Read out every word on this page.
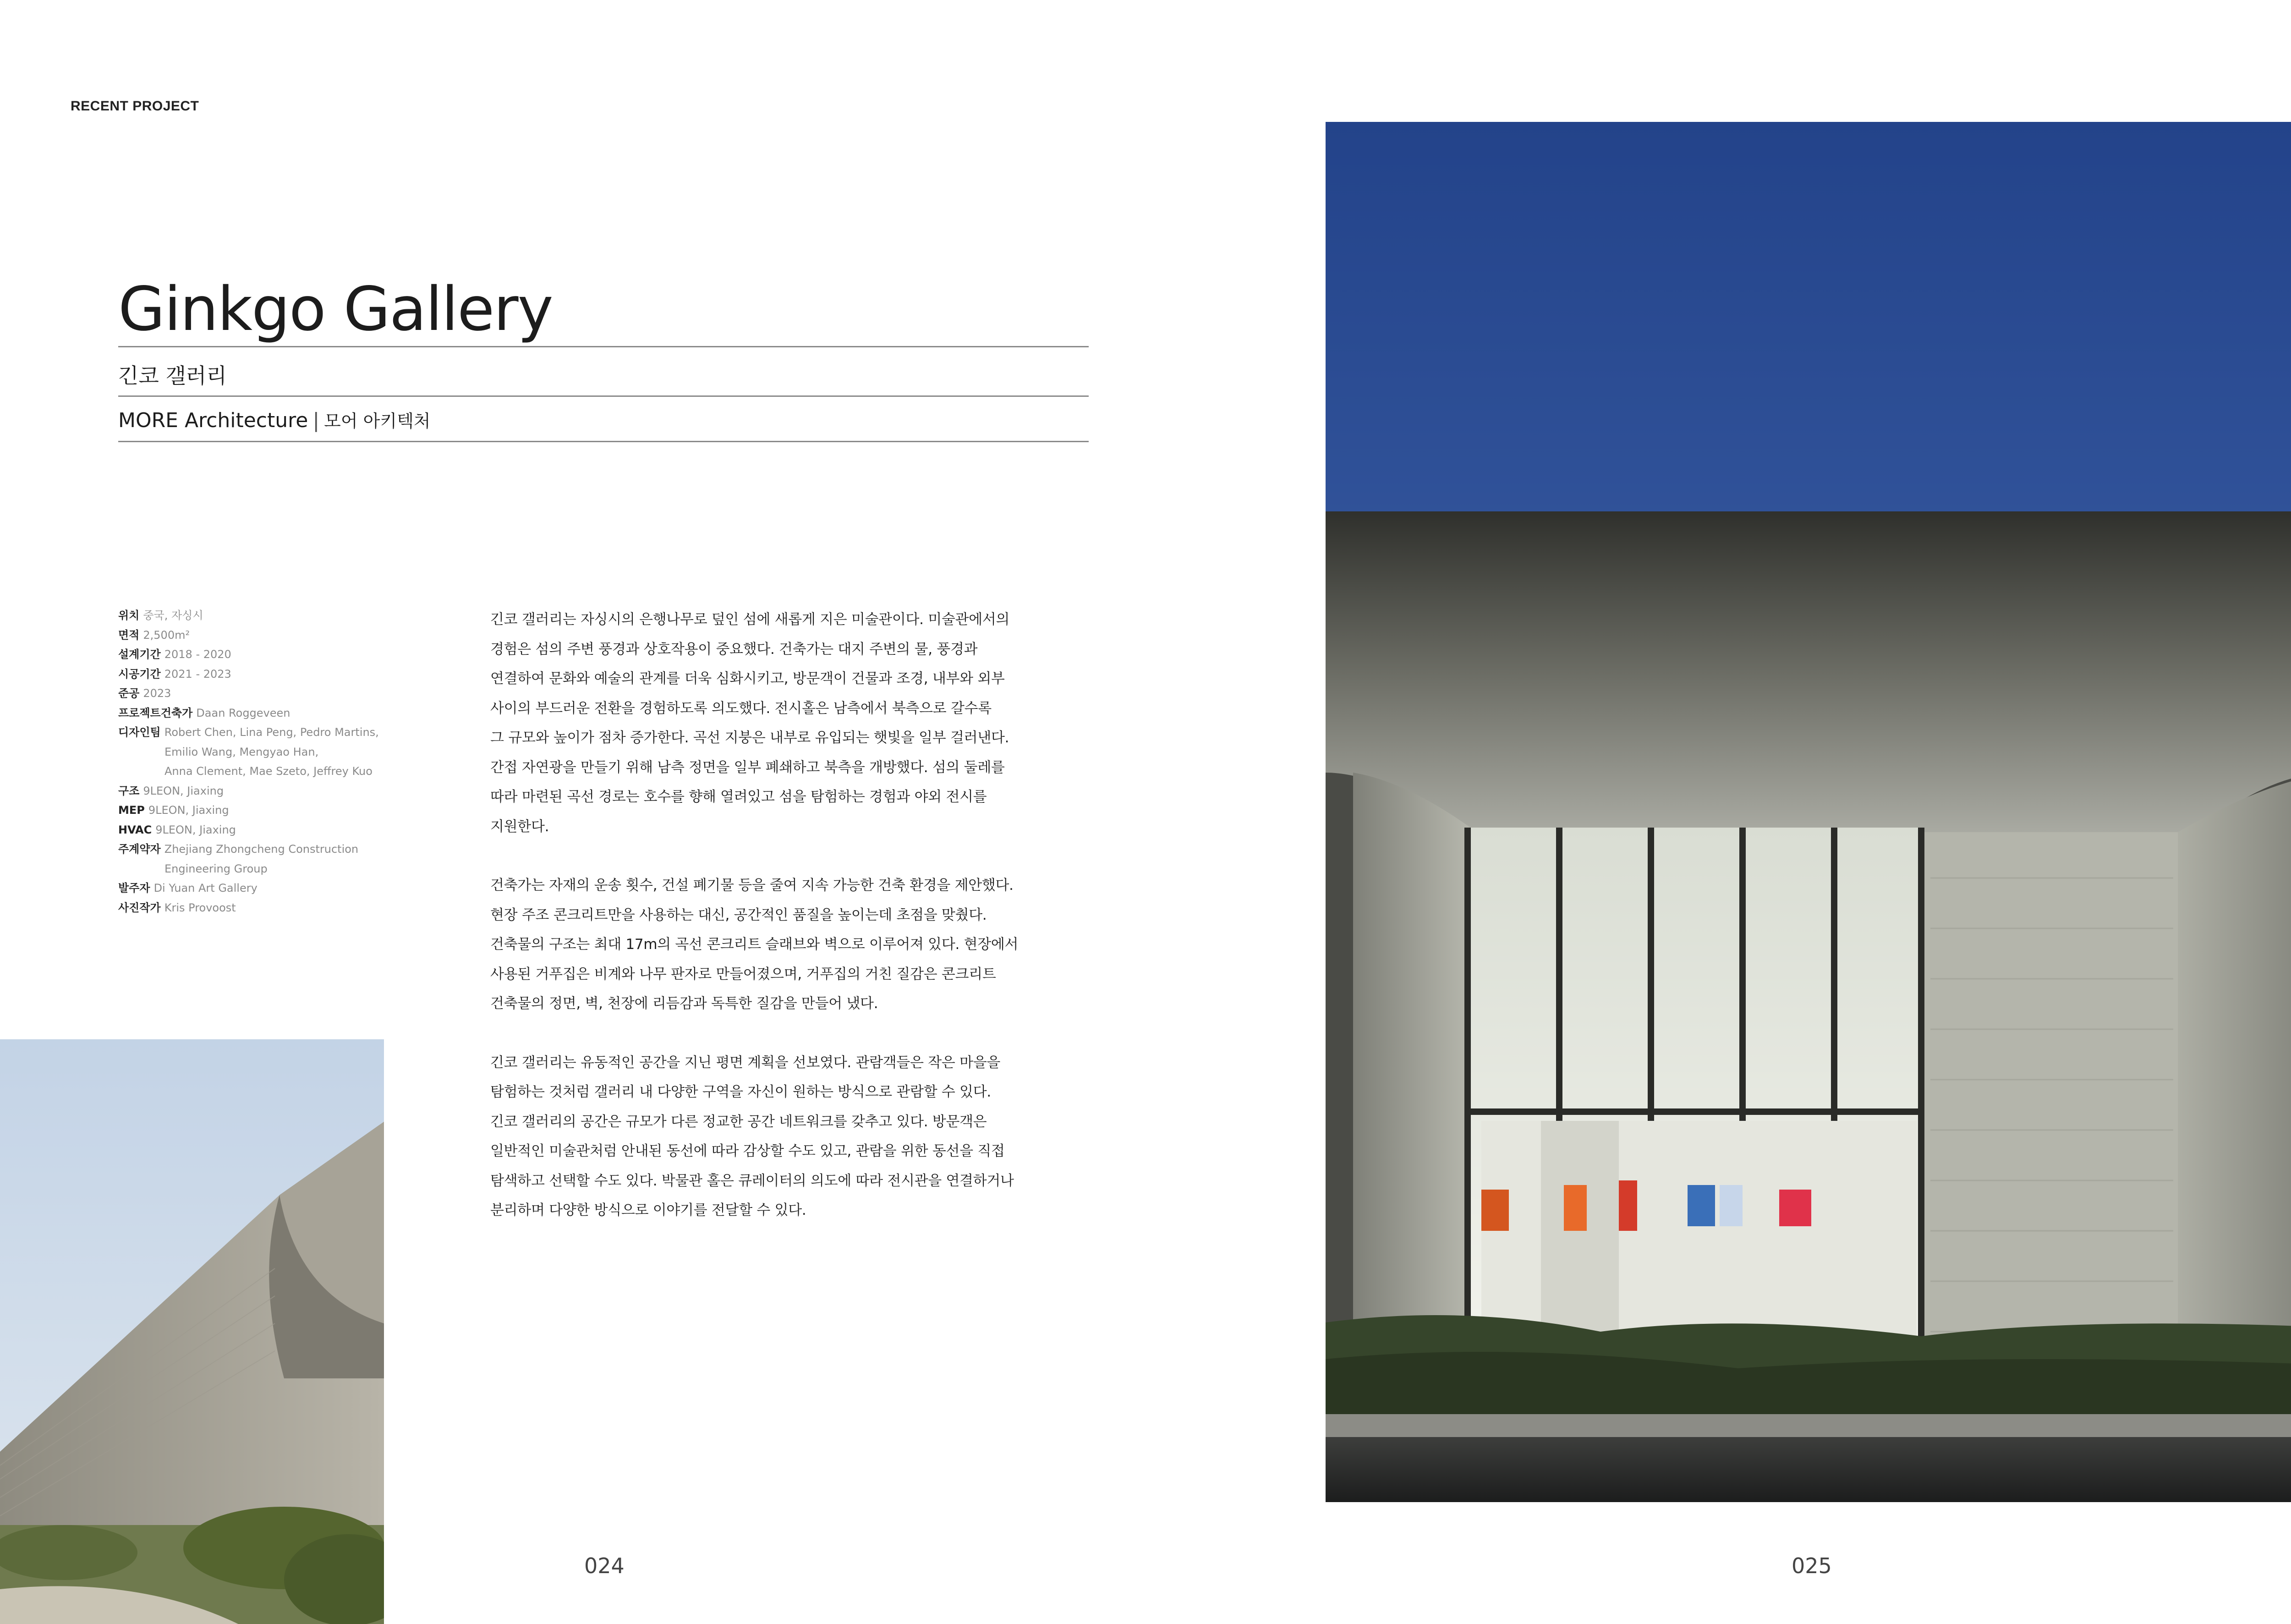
RECENT PROJECT
Ginkgo Gallery
긴코 갤러리
MORE Architecture | 모어 아키텍처
위치 중국, 자싱시
면적 2,500m²
설계기간 2018 - 2020
시공기간 2021 - 2023
준공 2023
프로젝트건축가 Daan Roggeveen
디자인팀 Robert Chen, Lina Peng, Pedro Martins,
Emilio Wang, Mengyao Han,
Anna Clement, Mae Szeto, Jeffrey Kuo
구조 9LEON, Jiaxing
MEP 9LEON, Jiaxing
HVAC 9LEON, Jiaxing
주계약자 Zhejiang Zhongcheng Construction
Engineering Group
발주자 Di Yuan Art Gallery
사진작가 Kris Provoost

긴코 갤러리는 자싱시의 은행나무로 덮인 섬에 새롭게 지은 미술관이다. 미술관에서의
경험은 섬의 주변 풍경과 상호작용이 중요했다. 건축가는 대지 주변의 물, 풍경과
연결하여 문화와 예술의 관계를 더욱 심화시키고, 방문객이 건물과 조경, 내부와 외부
사이의 부드러운 전환을 경험하도록 의도했다. 전시홀은 남측에서 북측으로 갈수록
그 규모와 높이가 점차 증가한다. 곡선 지붕은 내부로 유입되는 햇빛을 일부 걸러낸다.
간접 자연광을 만들기 위해 남측 정면을 일부 폐쇄하고 북측을 개방했다. 섬의 둘레를
따라 마련된 곡선 경로는 호수를 향해 열려있고 섬을 탐험하는 경험과 야외 전시를
지원한다.

건축가는 자재의 운송 횟수, 건설 폐기물 등을 줄여 지속 가능한 건축 환경을 제안했다.
현장 주조 콘크리트만을 사용하는 대신, 공간적인 품질을 높이는데 초점을 맞췄다.
건축물의 구조는 최대 17m의 곡선 콘크리트 슬래브와 벽으로 이루어져 있다. 현장에서
사용된 거푸집은 비계와 나무 판자로 만들어졌으며, 거푸집의 거친 질감은 콘크리트
건축물의 정면, 벽, 천장에 리듬감과 독특한 질감을 만들어 냈다.

긴코 갤러리는 유동적인 공간을 지닌 평면 계획을 선보였다. 관람객들은 작은 마을을
탐험하는 것처럼 갤러리 내 다양한 구역을 자신이 원하는 방식으로 관람할 수 있다.
긴코 갤러리의 공간은 규모가 다른 정교한 공간 네트워크를 갖추고 있다. 방문객은
일반적인 미술관처럼 안내된 동선에 따라 감상할 수도 있고, 관람을 위한 동선을 직접
탐색하고 선택할 수도 있다. 박물관 홀은 큐레이터의 의도에 따라 전시관을 연결하거나
분리하며 다양한 방식으로 이야기를 전달할 수 있다.

024	025
